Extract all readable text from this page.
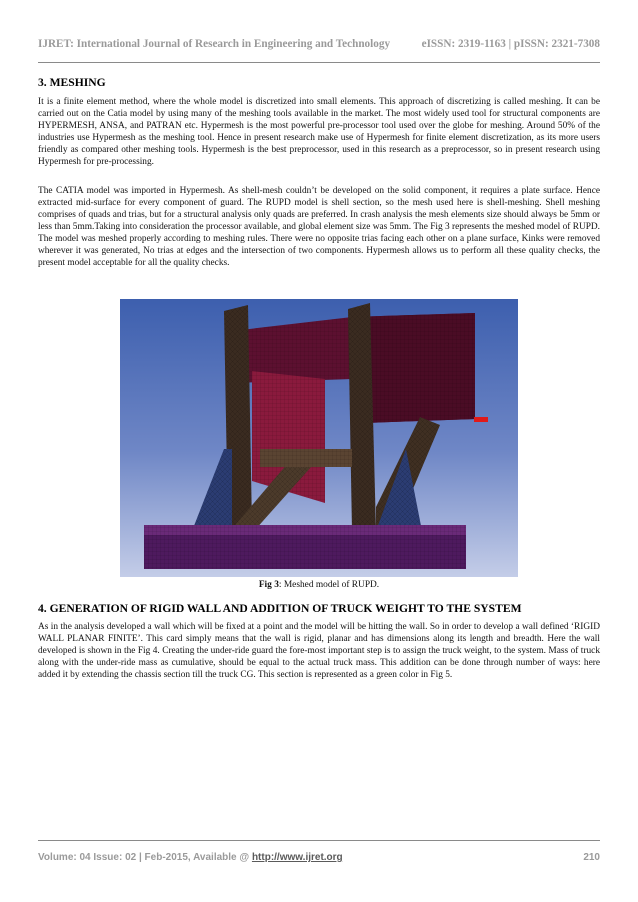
IJRET: International Journal of Research in Engineering and Technology	eISSN: 2319-1163 | pISSN: 2321-7308
3. MESHING

It is a finite element method, where the whole model is discretized into small elements. This approach of discretizing is called meshing. It can be carried out on the Catia model by using many of the meshing tools available in the market. The most widely used tool for structural components are HYPERMESH, ANSA, and PATRAN etc. Hypermesh is the most powerful pre-processor tool used over the globe for meshing. Around 50% of the industries use Hypermesh as the meshing tool. Hence in present research make use of Hypermesh for finite element discretization, as its more users friendly as compared other meshing tools. Hypermesh is the best preprocessor, used in this research as a preprocessor, so in present research using Hypermesh for pre-processing.

The CATIA model was imported in Hypermesh. As shell-mesh couldn’t be developed on the solid component, it requires a plate surface. Hence extracted mid-surface for every component of guard. The RUPD model is shell section, so the mesh used here is shell-meshing. Shell meshing comprises of quads and trias, but for a structural analysis only quads are preferred. In crash analysis the mesh elements size should always be 5mm or less than 5mm.Taking into consideration the processor available, and global element size was 5mm. The Fig 3 represents the meshed model of RUPD. The model was meshed properly according to meshing rules. There were no opposite trias facing each other on a plane surface, Kinks were removed wherever it was generated, No trias at edges and the intersection of two components. Hypermesh allows us to perform all these quality checks, the present model acceptable for all the quality checks.

Fig 3: Meshed model of RUPD.
4. GENERATION OF RIGID WALL AND ADDITION OF TRUCK WEIGHT TO THE SYSTEM

As in the analysis developed a wall which will be fixed at a point and the model will be hitting the wall. So in order to develop a wall defined ‘RIGID WALL PLANAR FINITE’. This card simply means that the wall is rigid, planar and has dimensions along its length and breadth. Here the wall developed is shown in the Fig 4. Creating the under-ride guard the fore-most important step is to assign the truck weight, to the system. Mass of truck along with the under-ride mass as cumulative, should be equal to the actual truck mass. This addition can be done through number of ways: here added it by extending the chassis section till the truck CG. This section is represented as a green color in Fig 5.

Volume: 04 Issue: 02 | Feb-2015, Available @ http://www.ijret.org	210
